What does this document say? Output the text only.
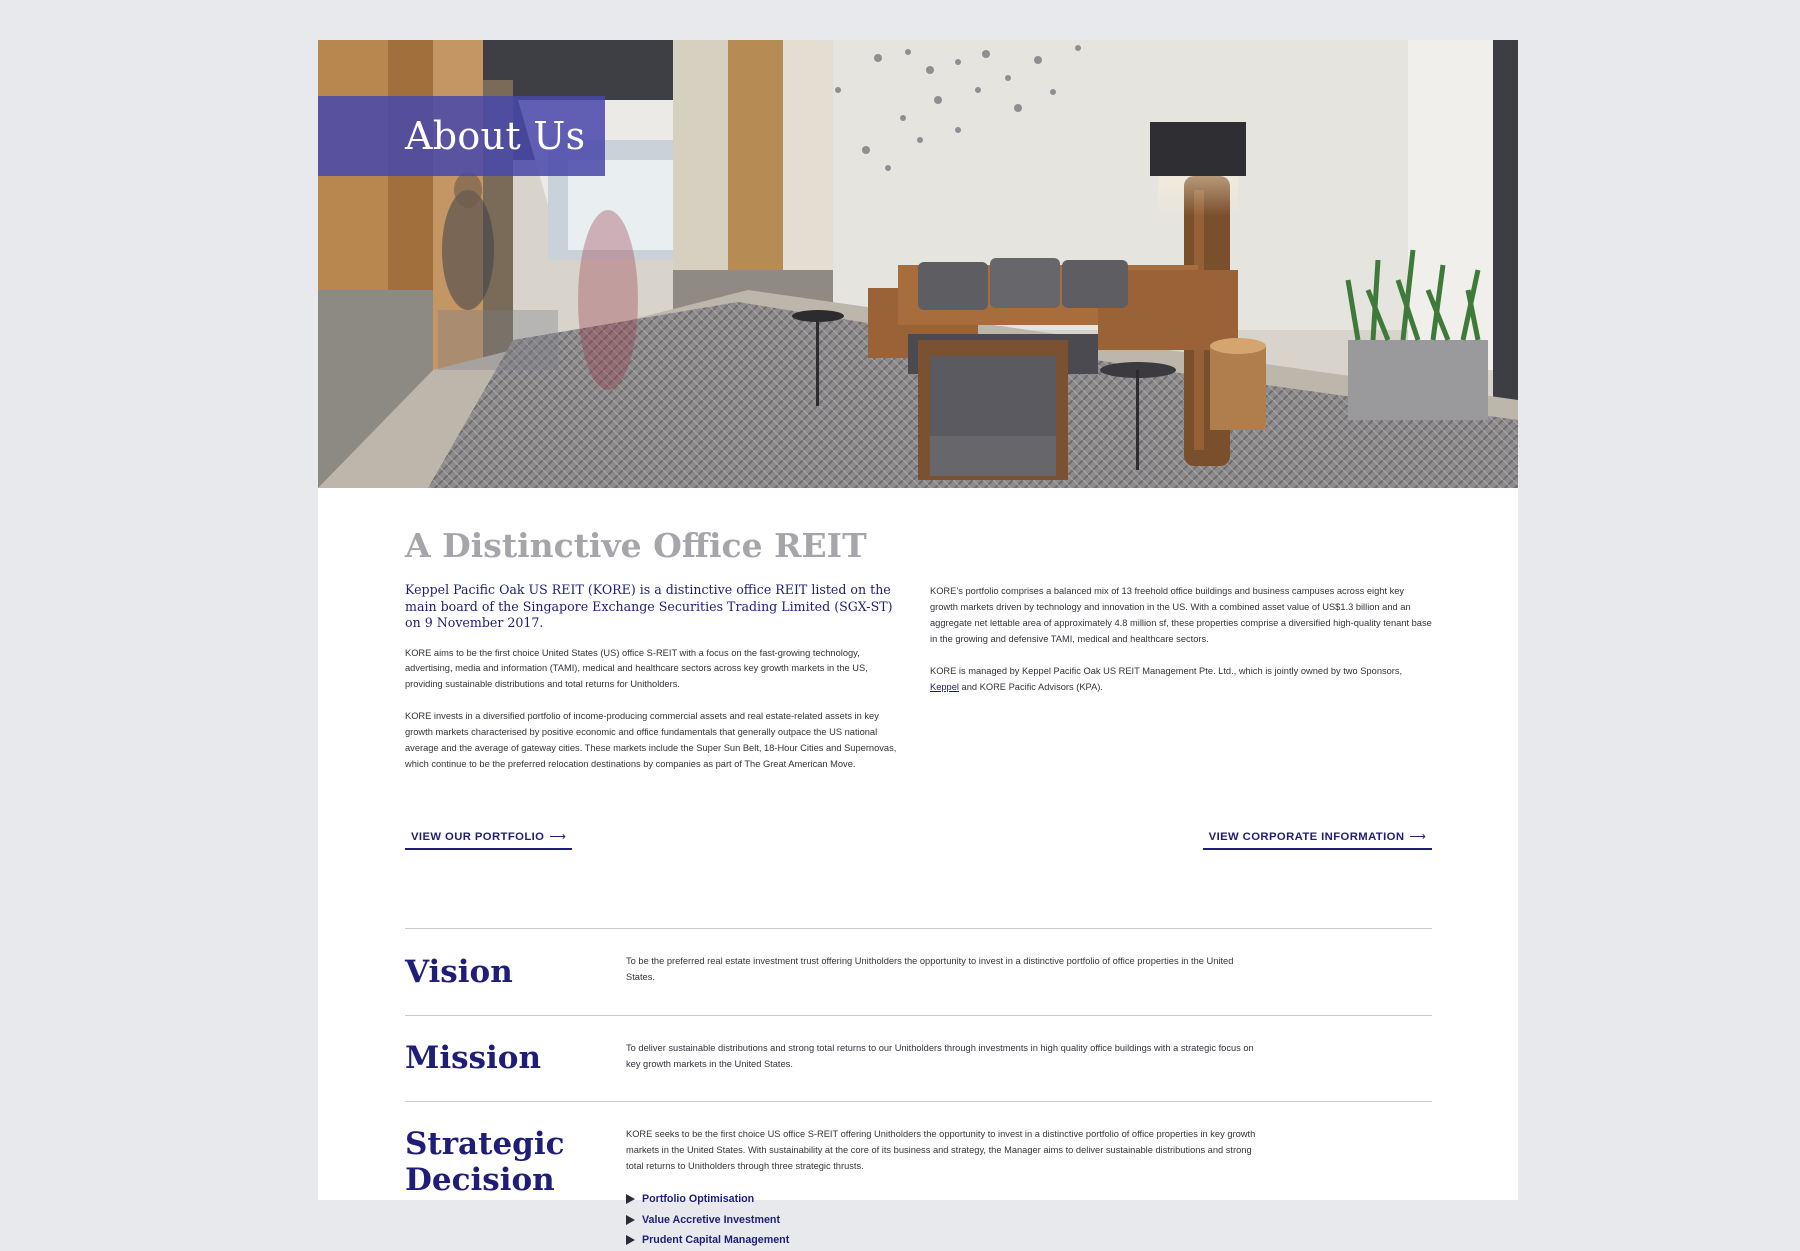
About Us
A Distinctive Office REIT

Keppel Pacific Oak US REIT (KORE) is a distinctive office REIT listed on the main board of the Singapore Exchange Securities Trading Limited (SGX-ST) on 9 November 2017.

KORE aims to be the first choice United States (US) office S-REIT with a focus on the fast-growing technology, advertising, media and information (TAMI), medical and healthcare sectors across key growth markets in the US, providing sustainable distributions and total returns for Unitholders.

KORE invests in a diversified portfolio of income-producing commercial assets and real estate-related assets in key growth markets characterised by positive economic and office fundamentals that generally outpace the US national average and the average of gateway cities. These markets include the Super Sun Belt, 18-Hour Cities and Supernovas, which continue to be the preferred relocation destinations by companies as part of The Great American Move.

KORE’s portfolio comprises a balanced mix of 13 freehold office buildings and business campuses across eight key growth markets driven by technology and innovation in the US. With a combined asset value of US$1.3 billion and an aggregate net lettable area of approximately 4.8 million sf, these properties comprise a diversified high-quality tenant base in the growing and defensive TAMI, medical and healthcare sectors.

KORE is managed by Keppel Pacific Oak US REIT Management Pte. Ltd., which is jointly owned by two Sponsors, Keppel and KORE Pacific Advisors (KPA).

VIEW OUR PORTFOLIO ⟶	VIEW CORPORATE INFORMATION ⟶
Vision	To be the preferred real estate investment trust offering Unitholders the opportunity to invest in a distinctive portfolio of office properties in the United States.

Mission	To deliver sustainable distributions and strong total returns to our Unitholders through investments in high quality office buildings with a strategic focus on key growth markets in the United States.

Strategic
Decision

KORE seeks to be the first choice US office S-REIT offering Unitholders the opportunity to invest in a distinctive portfolio of office properties in key growth markets in the United States. With sustainability at the core of its business and strategy, the Manager aims to deliver sustainable distributions and strong total returns to Unitholders through three strategic thrusts.

Portfolio Optimisation
Value Accretive Investment
Prudent Capital Management
